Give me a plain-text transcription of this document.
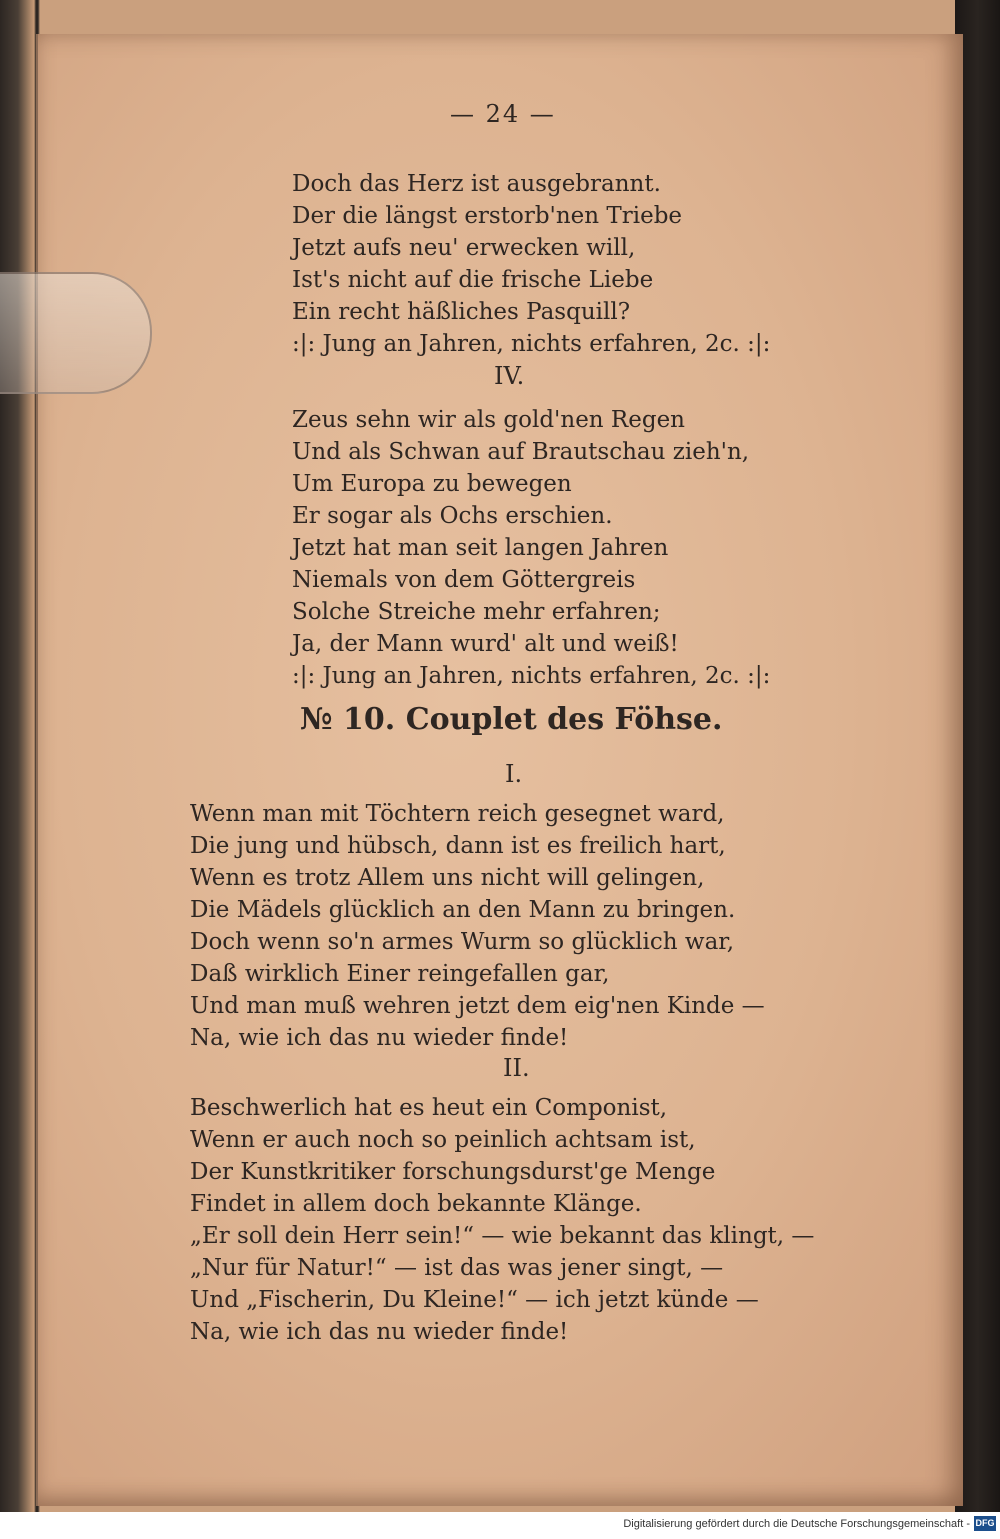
— 24 —
Doch das Herz ist ausgebrannt.
Der die längst erstorb'nen Triebe
Jetzt aufs neu' erwecken will,
Ist's nicht auf die frische Liebe
Ein recht häßliches Pasquill?
:|: Jung an Jahren, nichts erfahren, 2c. :|:
IV.
Zeus sehn wir als gold'nen Regen
Und als Schwan auf Brautschau zieh'n,
Um Europa zu bewegen
Er sogar als Ochs erschien.
Jetzt hat man seit langen Jahren
Niemals von dem Göttergreis
Solche Streiche mehr erfahren;
Ja, der Mann wurd' alt und weiß!
:|: Jung an Jahren, nichts erfahren, 2c. :|:
№ 10. Couplet des Föhse.
I.
Wenn man mit Töchtern reich gesegnet ward,
Die jung und hübsch, dann ist es freilich hart,
Wenn es trotz Allem uns nicht will gelingen,
Die Mädels glücklich an den Mann zu bringen.
Doch wenn so'n armes Wurm so glücklich war,
Daß wirklich Einer reingefallen gar,
Und man muß wehren jetzt dem eig'nen Kinde —
Na, wie ich das nu wieder finde!
II.
Beschwerlich hat es heut ein Componist,
Wenn er auch noch so peinlich achtsam ist,
Der Kunstkritiker forschungsdurst'ge Menge
Findet in allem doch bekannte Klänge.
„Er soll dein Herr sein!“ — wie bekannt das klingt, —
„Nur für Natur!“ — ist das was jener singt, —
Und „Fischerin, Du Kleine!“ — ich jetzt künde —
Na, wie ich das nu wieder finde!
Digitalisierung gefördert durch die Deutsche Forschungsgemeinschaft - DFG
